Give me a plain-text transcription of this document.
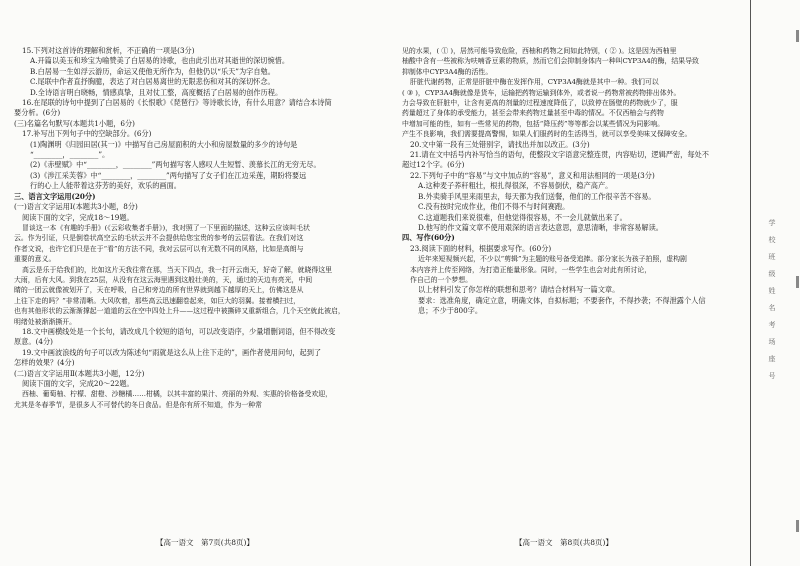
15.下列对这首诗的理解和赏析，不正确的一项是(3分)

A.开篇以美玉和珍宝为喻赞美了白居易的诗歌，也由此引出对其逝世的深切惋惜。

B.白居易一生如浮云游历，命运又使他无所作为，但他仍以“乐天”为字自勉。

C.尾联中作者直抒胸臆，表达了对白居易离世的无限悲伤和对其的深切怀念。

D.全诗语言明白晓畅，情感真挚，且对仗工整，高度概括了白居易的创作历程。

16.在尾联的诗句中提到了白居易的《长恨歌》《琵琶行》等诗歌长诗，有什么用意？请结合本诗简

要分析。(6分)

(三)名篇名句默写(本题共1小题，6分)

17.补写出下列句子中的空缺部分。(6分)

(1)陶渊明《归园田居(其一)》中描写自己房屋面积的大小和房屋数量的多少的诗句是

“________，________”。

(2)《赤壁赋》中“________，________”两句描写客人感叹人生短暂、羡慕长江的无穷无尽。

(3)《涉江采芙蓉》中“________，________”两句描写了女子们在江边采莲，期盼将要远

行的心上人能带着这芬芳的美好，欢乐的画面。

三、语言文字运用(20分)

(一)语言文字运用Ⅰ(本题共3小题，8分)

阅读下面的文字，完成18～19题。

冒谈这一本《有趣的手册》(《云彩收集者手册》)，我对照了一下里面的描述，这种云应该叫毛状

云。作为引证，只是倒卷状高空云的毛状云并不会提供给您宝贵的参考的云层看法。在我们对这

作者文说，也许它们只是在于“看”的方法不同，我对云层可以有无数不同的风格，比如是高朗与

重要的意义。

高云是乐于给我们的，比如这片天我往常在那，当天下四点，我一打开云南天，好奇了解，就晓得这里

大雨，后有大风。到我在25层，从没有在这云海里遇到这般壮美的，天，通过的天边有亮光，中间

睛的一团云就像被划开了，天在呼吸，自己和旁边的所有世界就到越下越厚的天上，仿佛这是从

上往下走的吗？”非常清晰。大风吹着，那些高云迅速翻卷起来，如巨大的羽翼。接着横扫过，

也有其他形状的云渐渐撑起一道道的云在空中四处上升——这过程中被撕碎又重新组合，几个天空就此被启，

明绪处被渐渐撕开。

18.文中画横线处是一个长句，请改成几个较短的语句，可以改变语序，少量增删词语，但不得改变

原意。(4分)

19.文中画波浪线的句子可以改为陈述句“雨就是这么从上往下走的”，画作者使用问句，起到了

怎样的效果？(4分)

(二)语言文字运用Ⅱ(本题共3小题，12分)

阅读下面的文字，完成20～22题。

西柚、葡萄柚、柠檬、甜橙、沙糖橘……柑橘，以其丰富的果汁、亮丽的外观、实惠的价格备受欢迎，

尤其是冬春季节，是很多人不可替代的冬日食品。但是你有所不知道，作为一种常

见的水果，( ① )，居然可能导致危险，西柚和药物之间如此特别，( ② )。这是因为西柚里

柚酸中含有一些被称为呋喃香豆素的物质，然而它们会抑制身体内一种叫CYP3A4的酶，结果导致

抑制体中CYP3A4酶的活性。

肝脏代谢药物，正常是肝脏中酶在发挥作用，CYP3A4酶就是其中一种。我们可以

( ③ )，CYP3A4酶就像是货车，运输把药物运输到体外，或者说一药物常被药物排出体外。

力会导致在肝脏中，让含有更高的剂量的过程速度降低了，以致停在肠壁的药物就少了，服

药量超过了身体的承受能力，甚至会带来药物过量甚至中毒的情况。不仅西柚会与药物

中增加可能的性，如有一些常见的药物，包括“降压药”等等都会以某些情况为同影响。

产生不良影响，我们需要提高警惕，如果人们服药时的生活得当，就可以享受美味又保障安全。

20.文中第一段有三处错别字，请找出并加以改正。(3分)

21.请在文中括号内补写恰当的语句，使整段文字语意完整连贯，内容贴切，逻辑严密，每处不

超过12个字。(6分)

22.下列句子中的“容易”与文中加点的“容易”，意义和用法相同的一项是(3分)

A.这种麦子荞秆粗壮，根扎得很深，不容易倒伏，稳产高产。

B.外卖骑手风里来雨里去，每天都为我们送餐，他们的工作很辛苦不容易。

C.没有按时完成作业，他们不得不与时间赛跑。

C.这道题我们来说很难，但他觉得很容易，不一会儿就做出来了。

D.他写的作文篇文章不使用艰深的语言表达意思，意思清晰，非常容易解读。

四、写作(60分)

23.阅读下面的材料，根据要求写作。(60分)

近年来短视频兴起，不少以“剪辑”为主题的账号备受追捧。部分家长为孩子拍照，虚构剧

本内容并上传至网络，为打造正能量形象。同时，一些学生也会对此有所讨论，

作自己的一个梦想。

以上材料引发了你怎样的联想和思考？请结合材料写一篇文章。

要求：选准角度，确定立意，明确文体，自拟标题；不要套作，不得抄袭；不得泄露个人信

息；不少于800字。

【高一语文　第7页(共8页)】	【高一语文　第8页(共8页)】
学
校
班
级
姓
名
考
场
座
号
